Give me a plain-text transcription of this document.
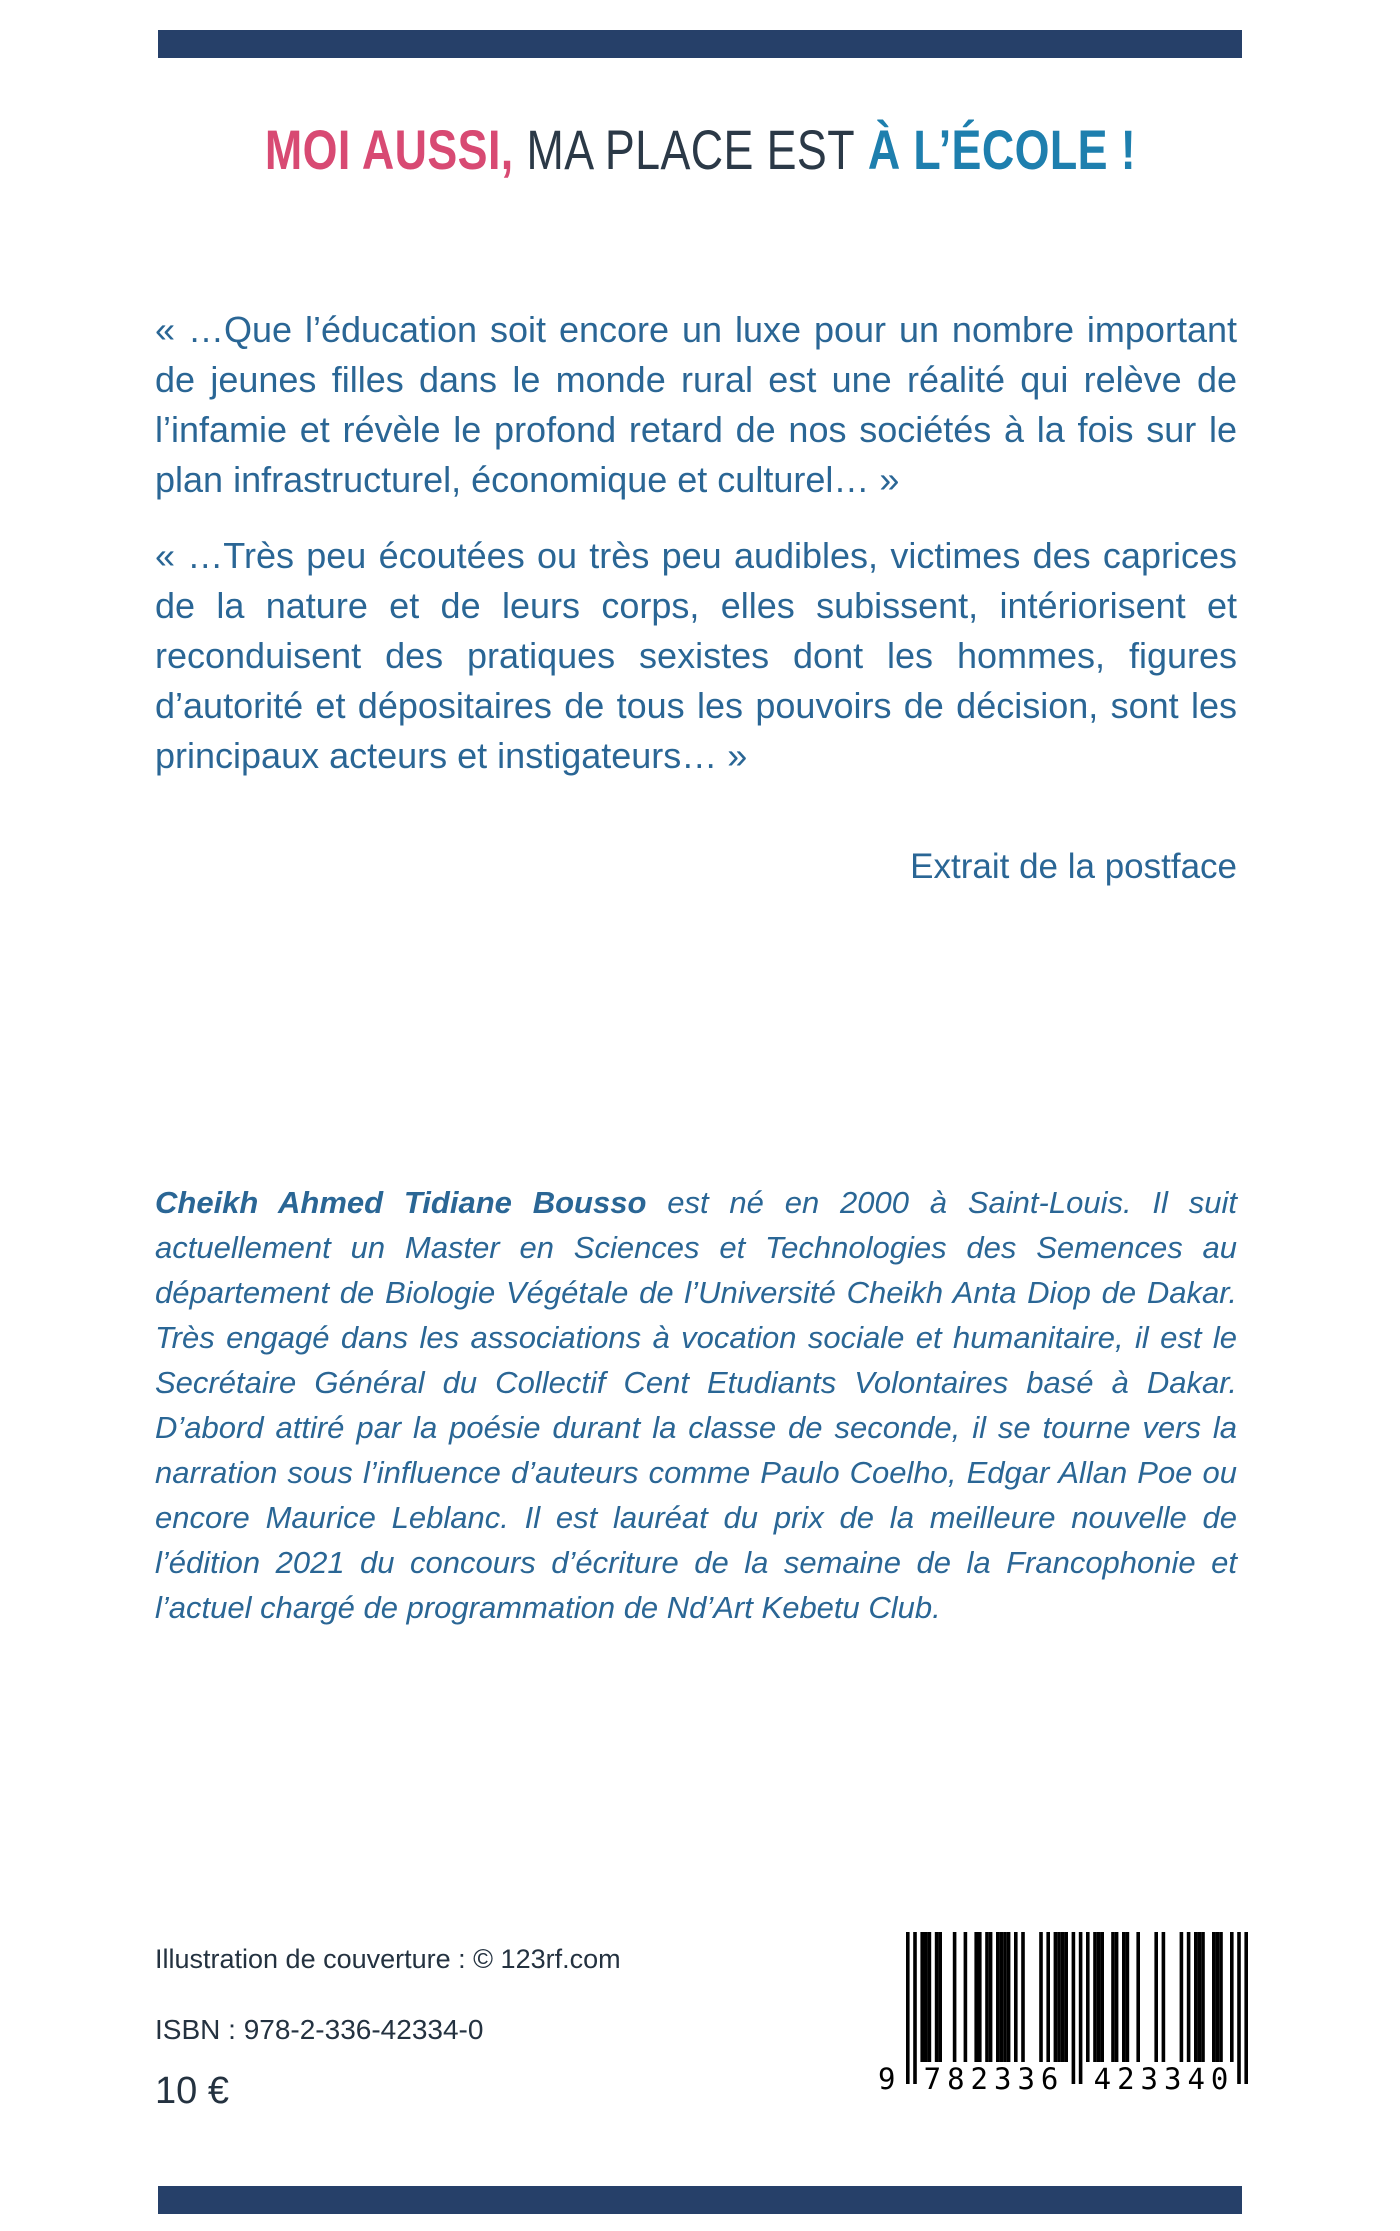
MOI AUSSI, MA PLACE EST À L’ÉCOLE !

« …Que l’éducation soit encore un luxe pour un nombre important de jeunes filles dans le monde rural est une réalité qui relève de l’infamie et révèle le profond retard de nos sociétés à la fois sur le plan infrastructurel, économique et culturel… »

« …Très peu écoutées ou très peu audibles, victimes des caprices de la nature et de leurs corps, elles subissent, intériorisent et reconduisent des pratiques sexistes dont les hommes, figures d’autorité et dépositaires de tous les pouvoirs de décision, sont les principaux acteurs et instigateurs… »

Extrait de la postface

Cheikh Ahmed Tidiane Bousso est né en 2000 à Saint-Louis. Il suit actuellement un Master en Sciences et Technologies des Semences au département de Biologie Végétale de l’Université Cheikh Anta Diop de Dakar. Très engagé dans les associations à vocation sociale et humanitaire, il est le Secrétaire Général du Collectif Cent Etudiants Volontaires basé à Dakar. D’abord attiré par la poésie durant la classe de seconde, il se tourne vers la narration sous l’influence d’auteurs comme Paulo Coelho, Edgar Allan Poe ou encore Maurice Leblanc. Il est lauréat du prix de la meilleure nouvelle de l’édition 2021 du concours d’écriture de la semaine de la Francophonie et l’actuel chargé de programmation de Nd’Art Kebetu Club.
Illustration de couverture : © 123rf.com
ISBN : 978-2-336-42334-0
10 €	9 782336 423340
